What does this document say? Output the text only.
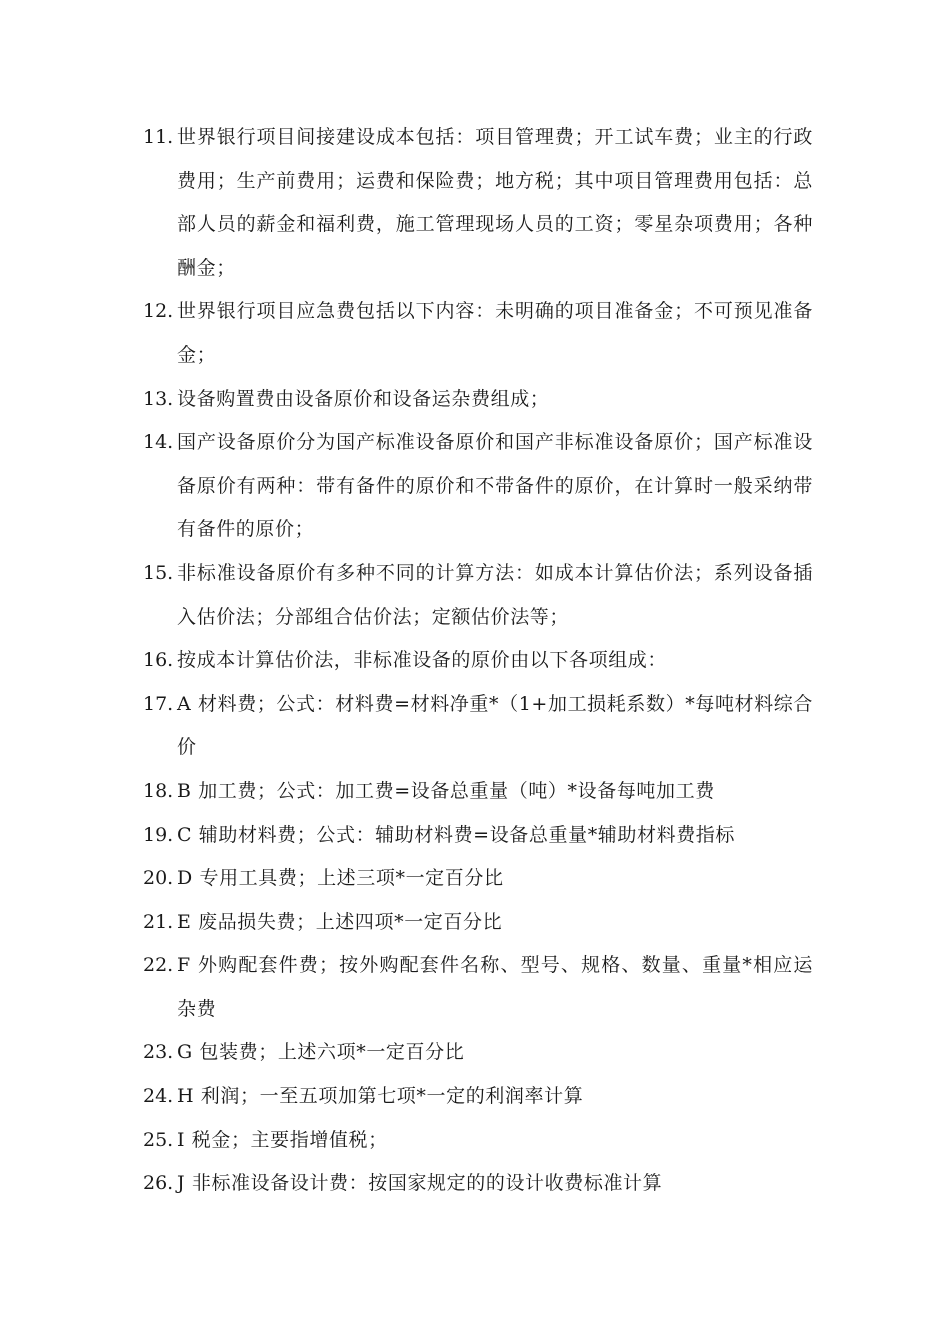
11. 世界银行项目间接建设成本包括：项目管理费；开工试车费；业主的行政费用；生产前费用；运费和保险费；地方税；其中项目管理费用包括：总部人员的薪金和福利费，施工管理现场人员的工资；零星杂项费用；各种酬金；
12. 世界银行项目应急费包括以下内容：未明确的项目准备金；不可预见准备金；
13. 设备购置费由设备原价和设备运杂费组成；
14. 国产设备原价分为国产标准设备原价和国产非标准设备原价；国产标准设备原价有两种：带有备件的原价和不带备件的原价，在计算时一般采纳带有备件的原价；
15. 非标准设备原价有多种不同的计算方法：如成本计算估价法；系列设备插入估价法；分部组合估价法；定额估价法等；
16. 按成本计算估价法，非标准设备的原价由以下各项组成：
17. A 材料费；公式：材料费=材料净重*（1+加工损耗系数）*每吨材料综合价
18. B 加工费；公式：加工费=设备总重量（吨）*设备每吨加工费
19. C 辅助材料费；公式：辅助材料费=设备总重量*辅助材料费指标
20. D 专用工具费；上述三项*一定百分比
21. E 废品损失费；上述四项*一定百分比
22. F 外购配套件费；按外购配套件名称、型号、规格、数量、重量*相应运杂费
23. G 包装费；上述六项*一定百分比
24. H 利润；一至五项加第七项*一定的利润率计算
25. I 税金；主要指增值税；
26. J 非标准设备设计费：按国家规定的的设计收费标准计算
